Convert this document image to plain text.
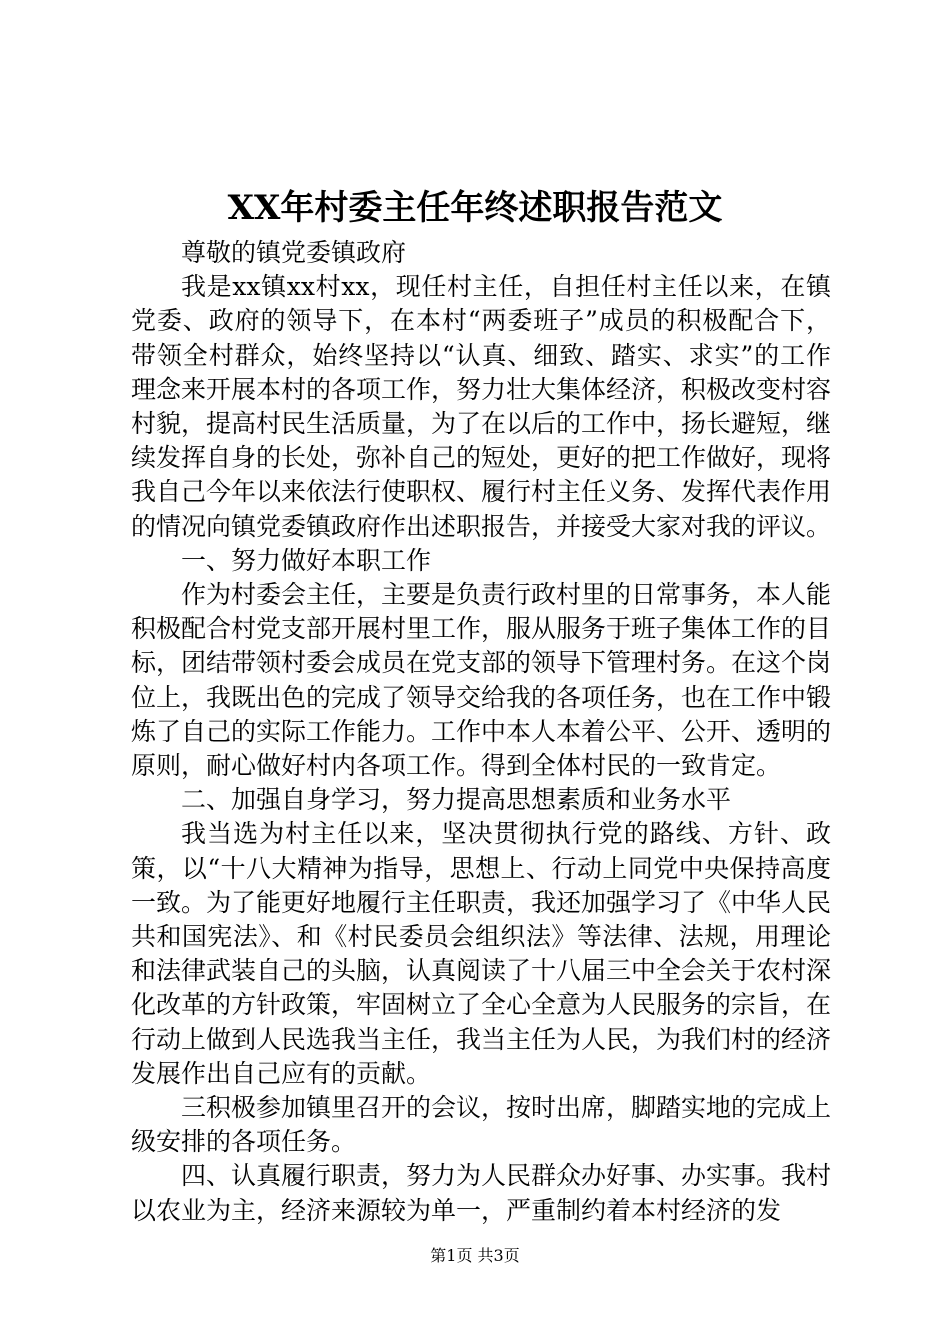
XX年村委主任年终述职报告范文

尊敬的镇党委镇政府

我是xx镇xx村xx，现任村主任，自担任村主任以来，在镇党委、政府的领导下，在本村“两委班子”成员的积极配合下，带领全村群众，始终坚持以“认真、细致、踏实、求实”的工作理念来开展本村的各项工作，努力壮大集体经济，积极改变村容村貌，提高村民生活质量，为了在以后的工作中，扬长避短，继续发挥自身的长处，弥补自己的短处，更好的把工作做好，现将我自己今年以来依法行使职权、履行村主任义务、发挥代表作用的情况向镇党委镇政府作出述职报告，并接受大家对我的评议。

一、努力做好本职工作

作为村委会主任，主要是负责行政村里的日常事务，本人能积极配合村党支部开展村里工作，服从服务于班子集体工作的目标，团结带领村委会成员在党支部的领导下管理村务。在这个岗位上，我既出色的完成了领导交给我的各项任务，也在工作中锻炼了自己的实际工作能力。工作中本人本着公平、公开、透明的原则，耐心做好村内各项工作。得到全体村民的一致肯定。

二、加强自身学习，努力提高思想素质和业务水平

我当选为村主任以来，坚决贯彻执行党的路线、方针、政策，以“十八大精神为指导，思想上、行动上同党中央保持高度一致。为了能更好地履行主任职责，我还加强学习了《中华人民共和国宪法》、和《村民委员会组织法》等法律、法规，用理论和法律武装自己的头脑，认真阅读了十八届三中全会关于农村深化改革的方针政策，牢固树立了全心全意为人民服务的宗旨，在行动上做到人民选我当主任，我当主任为人民，为我们村的经济发展作出自己应有的贡献。

三积极参加镇里召开的会议，按时出席，脚踏实地的完成上级安排的各项任务。

四、认真履行职责，努力为人民群众办好事、办实事。我村以农业为主，经济来源较为单一，严重制约着本村经济的发

第1页 共3页
